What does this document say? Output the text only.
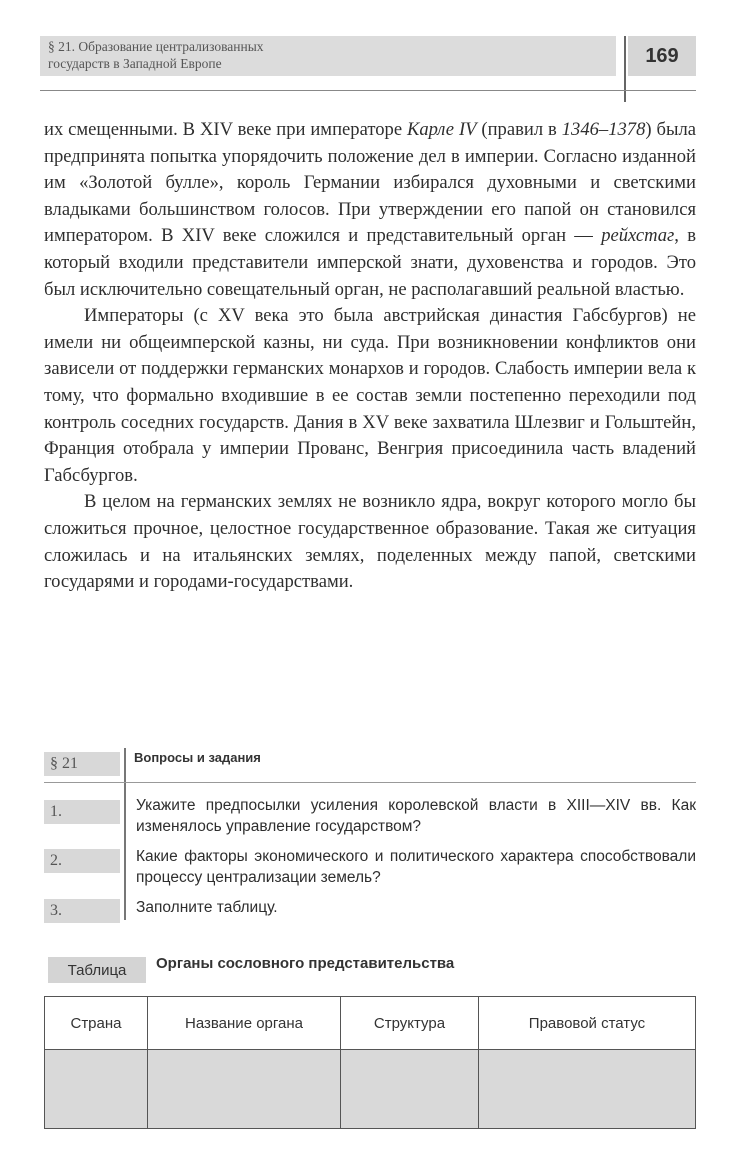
§ 21. Образование централизованных
государств в Западной Европе	169

их смещенными. В XIV веке при императоре Карле IV (правил в 1346–1378) была предпринята попытка упорядочить положение дел в империи. Согласно изданной им «Золотой булле», король Германии избирался духовными и светскими владыками большинством голосов. При утверждении его папой он становился императором. В XIV веке сложился и представительный орган — рейхстаг, в который входили представители имперской знати, духовенства и городов. Это был исключительно совещательный орган, не располагавший реальной властью.

Императоры (с XV века это была австрийская династия Габсбургов) не имели ни общеимперской казны, ни суда. При возникновении конфликтов они зависели от поддержки германских монархов и городов. Слабость империи вела к тому, что формально входившие в ее состав земли постепенно переходили под контроль соседних государств. Дания в XV веке захватила Шлезвиг и Гольштейн, Франция отобрала у империи Прованс, Венгрия присоединила часть владений Габсбургов.

В целом на германских землях не возникло ядра, вокруг которого могло бы сложиться прочное, целостное государственное образование. Такая же ситуация сложилась и на итальянских землях, поделенных между папой, светскими государями и городами-государствами.

§ 21	Вопросы и задания
1.	Укажите предпосылки усиления королевской власти в XIII—XIV вв. Как изменялось управление государством?
2.	Какие факторы экономического и политического характера способствовали процессу централизации земель?
3.	Заполните таблицу.
Таблица	Органы сословного представительства
Страна	Название органа	Структура	Правовой статус
